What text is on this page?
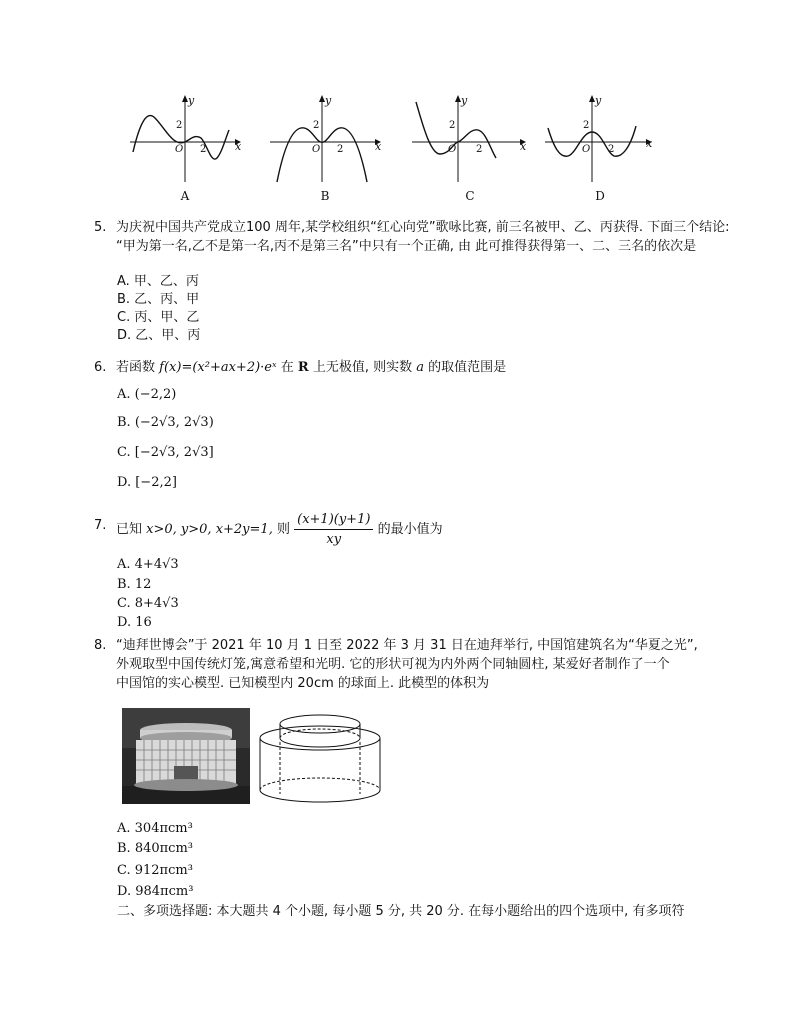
y
x
O 2
2
A
y
x
O 2
2
B
y
x
O 2
2
C
y
x
O 2
2
D
5. 为庆祝中国共产党成立100 周年,某学校组织“红心向党”歌咏比赛, 前三名被甲、乙、丙获得. 下面三个结论: “甲为第一名,乙不是第一名,丙不是第三名”中只有一个正确, 由 此可推得获得第一、二、三名的依次是
A. 甲、乙、丙
B. 乙、丙、甲
C. 丙、甲、乙
D. 乙、甲、丙
6. 若函数 f(x)=(x²+ax+2)·eˣ 在 R 上无极值, 则实数 a 的取值范围是
A. (−2,2)
B. (−2√3, 2√3)
C. [−2√3, 2√3]
D. [−2,2]
7. 已知 x>0, y>0, x+2y=1, 则 $\frac{(x+1)(y+1)}{xy}$ 的最小值为
A. 4+4√3
B. 12
C. 8+4√3
D. 16
8. “迪拜世博会”于 2021 年 10 月 1 日至 2022 年 3 月 31 日在迪拜举行, 中国馆建筑名为“华夏之光”,
外观取型中国传统灯笼,寓意希望和光明. 它的形状可视为内外两个同轴圆柱, 某爱好者制作了一个
中国馆的实心模型. 已知模型内 20cm 的球面上. 此模型的体积为
A. 304πcm³
B. 840πcm³
C. 912πcm³
D. 984πcm³
二、多项选择题: 本大题共 4 个小题, 每小题 5 分, 共 20 分. 在每小题给出的四个选项中, 有多项符
